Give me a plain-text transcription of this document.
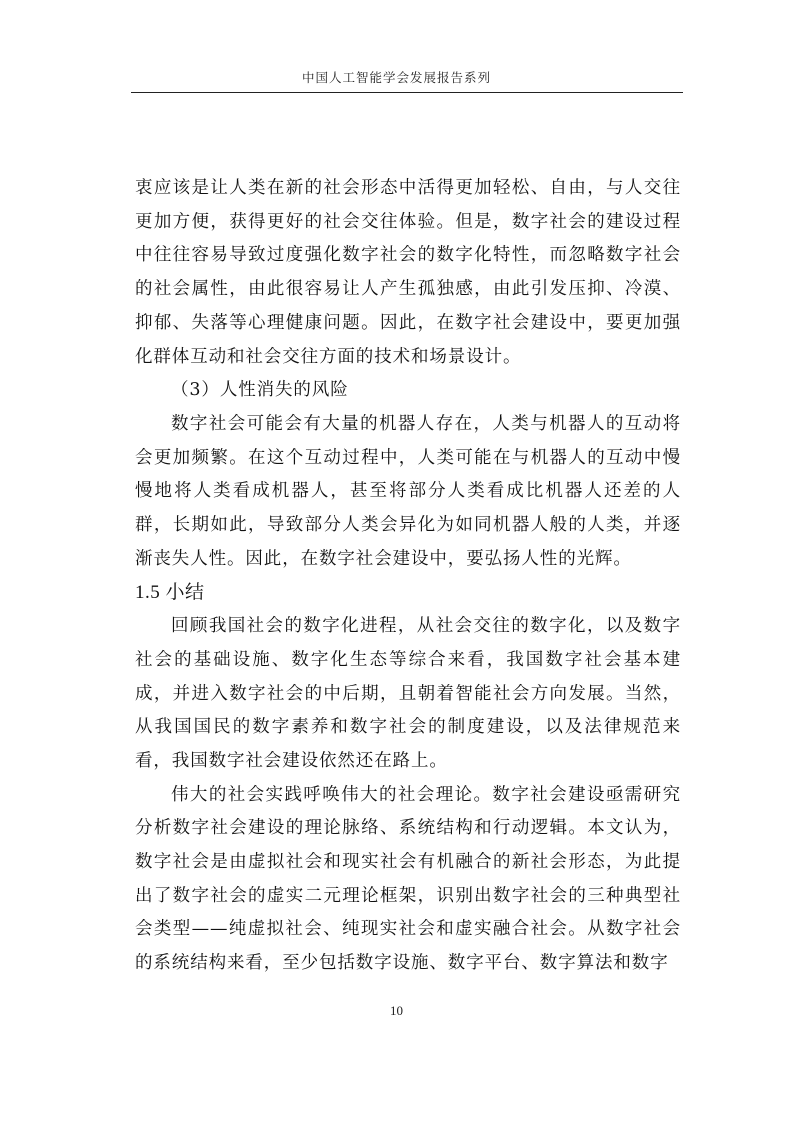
中国人工智能学会发展报告系列

衷应该是让人类在新的社会形态中活得更加轻松、自由，与人交往更加方便，获得更好的社会交往体验。但是，数字社会的建设过程中往往容易导致过度强化数字社会的数字化特性，而忽略数字社会的社会属性，由此很容易让人产生孤独感，由此引发压抑、冷漠、抑郁、失落等心理健康问题。因此，在数字社会建设中，要更加强化群体互动和社会交往方面的技术和场景设计。

（3）人性消失的风险

数字社会可能会有大量的机器人存在，人类与机器人的互动将会更加频繁。在这个互动过程中，人类可能在与机器人的互动中慢慢地将人类看成机器人，甚至将部分人类看成比机器人还差的人群，长期如此，导致部分人类会异化为如同机器人般的人类，并逐渐丧失人性。因此，在数字社会建设中，要弘扬人性的光辉。

1.5 小结

回顾我国社会的数字化进程，从社会交往的数字化，以及数字社会的基础设施、数字化生态等综合来看，我国数字社会基本建成，并进入数字社会的中后期，且朝着智能社会方向发展。当然，从我国国民的数字素养和数字社会的制度建设，以及法律规范来看，我国数字社会建设依然还在路上。

伟大的社会实践呼唤伟大的社会理论。数字社会建设亟需研究分析数字社会建设的理论脉络、系统结构和行动逻辑。本文认为，数字社会是由虚拟社会和现实社会有机融合的新社会形态，为此提出了数字社会的虚实二元理论框架，识别出数字社会的三种典型社会类型——纯虚拟社会、纯现实社会和虚实融合社会。从数字社会的系统结构来看，至少包括数字设施、数字平台、数字算法和数字

10
